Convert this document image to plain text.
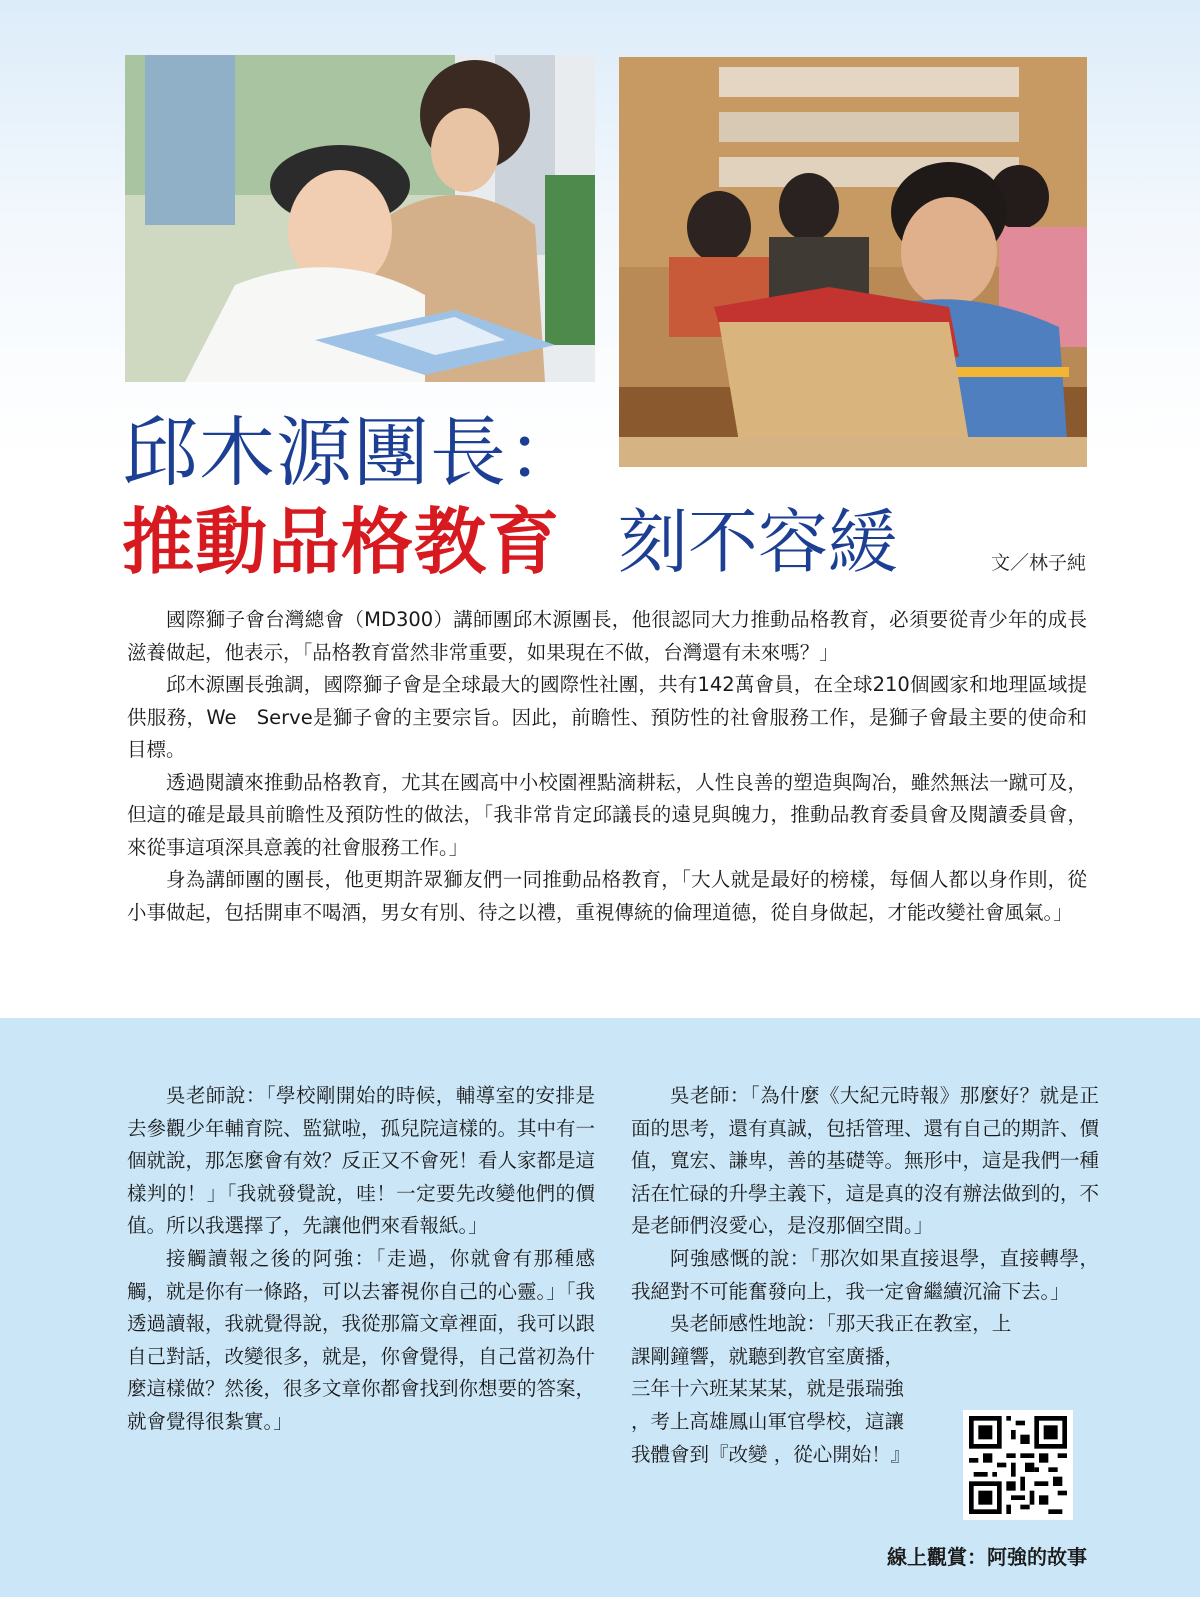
邱木源團長：
推動品格教育 刻不容緩	文／林子純

國際獅子會台灣總會（MD300）講師團邱木源團長，他很認同大力推動品格教育，必須要從青少年的成長滋養做起，他表示，「品格教育當然非常重要，如果現在不做，台灣還有未來嗎？」

邱木源團長強調，國際獅子會是全球最大的國際性社團，共有142萬會員，在全球210個國家和地理區域提供服務，We　Serve是獅子會的主要宗旨。因此，前瞻性、預防性的社會服務工作，是獅子會最主要的使命和目標。

透過閱讀來推動品格教育，尤其在國高中小校園裡點滴耕耘，人性良善的塑造與陶冶，雖然無法一蹴可及，但這的確是最具前瞻性及預防性的做法，「我非常肯定邱議長的遠見與魄力，推動品教育委員會及閱讀委員會，來從事這項深具意義的社會服務工作。」

身為講師團的團長，他更期許眾獅友們一同推動品格教育，「大人就是最好的榜樣，每個人都以身作則，從小事做起，包括開車不喝酒，男女有別、待之以禮，重視傳統的倫理道德，從自身做起，才能改變社會風氣。」

吳老師說：「學校剛開始的時候，輔導室的安排是去參觀少年輔育院、監獄啦，孤兒院這樣的。其中有一個就說，那怎麼會有效？反正又不會死！看人家都是這樣判的！」「我就發覺說，哇！一定要先改變他們的價值。所以我選擇了，先讓他們來看報紙。」

接觸讀報之後的阿強：「走過，你就會有那種感觸，就是你有一條路，可以去審視你自己的心靈。」「我透過讀報，我就覺得說，我從那篇文章裡面，我可以跟自己對話，改變很多，就是，你會覺得，自己當初為什麼這樣做？然後，很多文章你都會找到你想要的答案，就會覺得很紮實。」

吳老師：「為什麼《大紀元時報》那麼好？就是正面的思考，還有真誠，包括管理、還有自己的期許、價值，寬宏、謙卑，善的基礎等。無形中，這是我們一種活在忙碌的升學主義下，這是真的沒有辦法做到的，不是老師們沒愛心，是沒那個空間。」

阿強感慨的說：「那次如果直接退學，直接轉學，我絕對不可能奮發向上，我一定會繼續沉淪下去。」

吳老師感性地說：「那天我正在教室，上

課剛鐘響，就聽到教官室廣播，

三年十六班某某某，就是張瑞強

，考上高雄鳳山軍官學校，這讓

我體會到『改變 ，從心開始！』

線上觀賞：阿強的故事
